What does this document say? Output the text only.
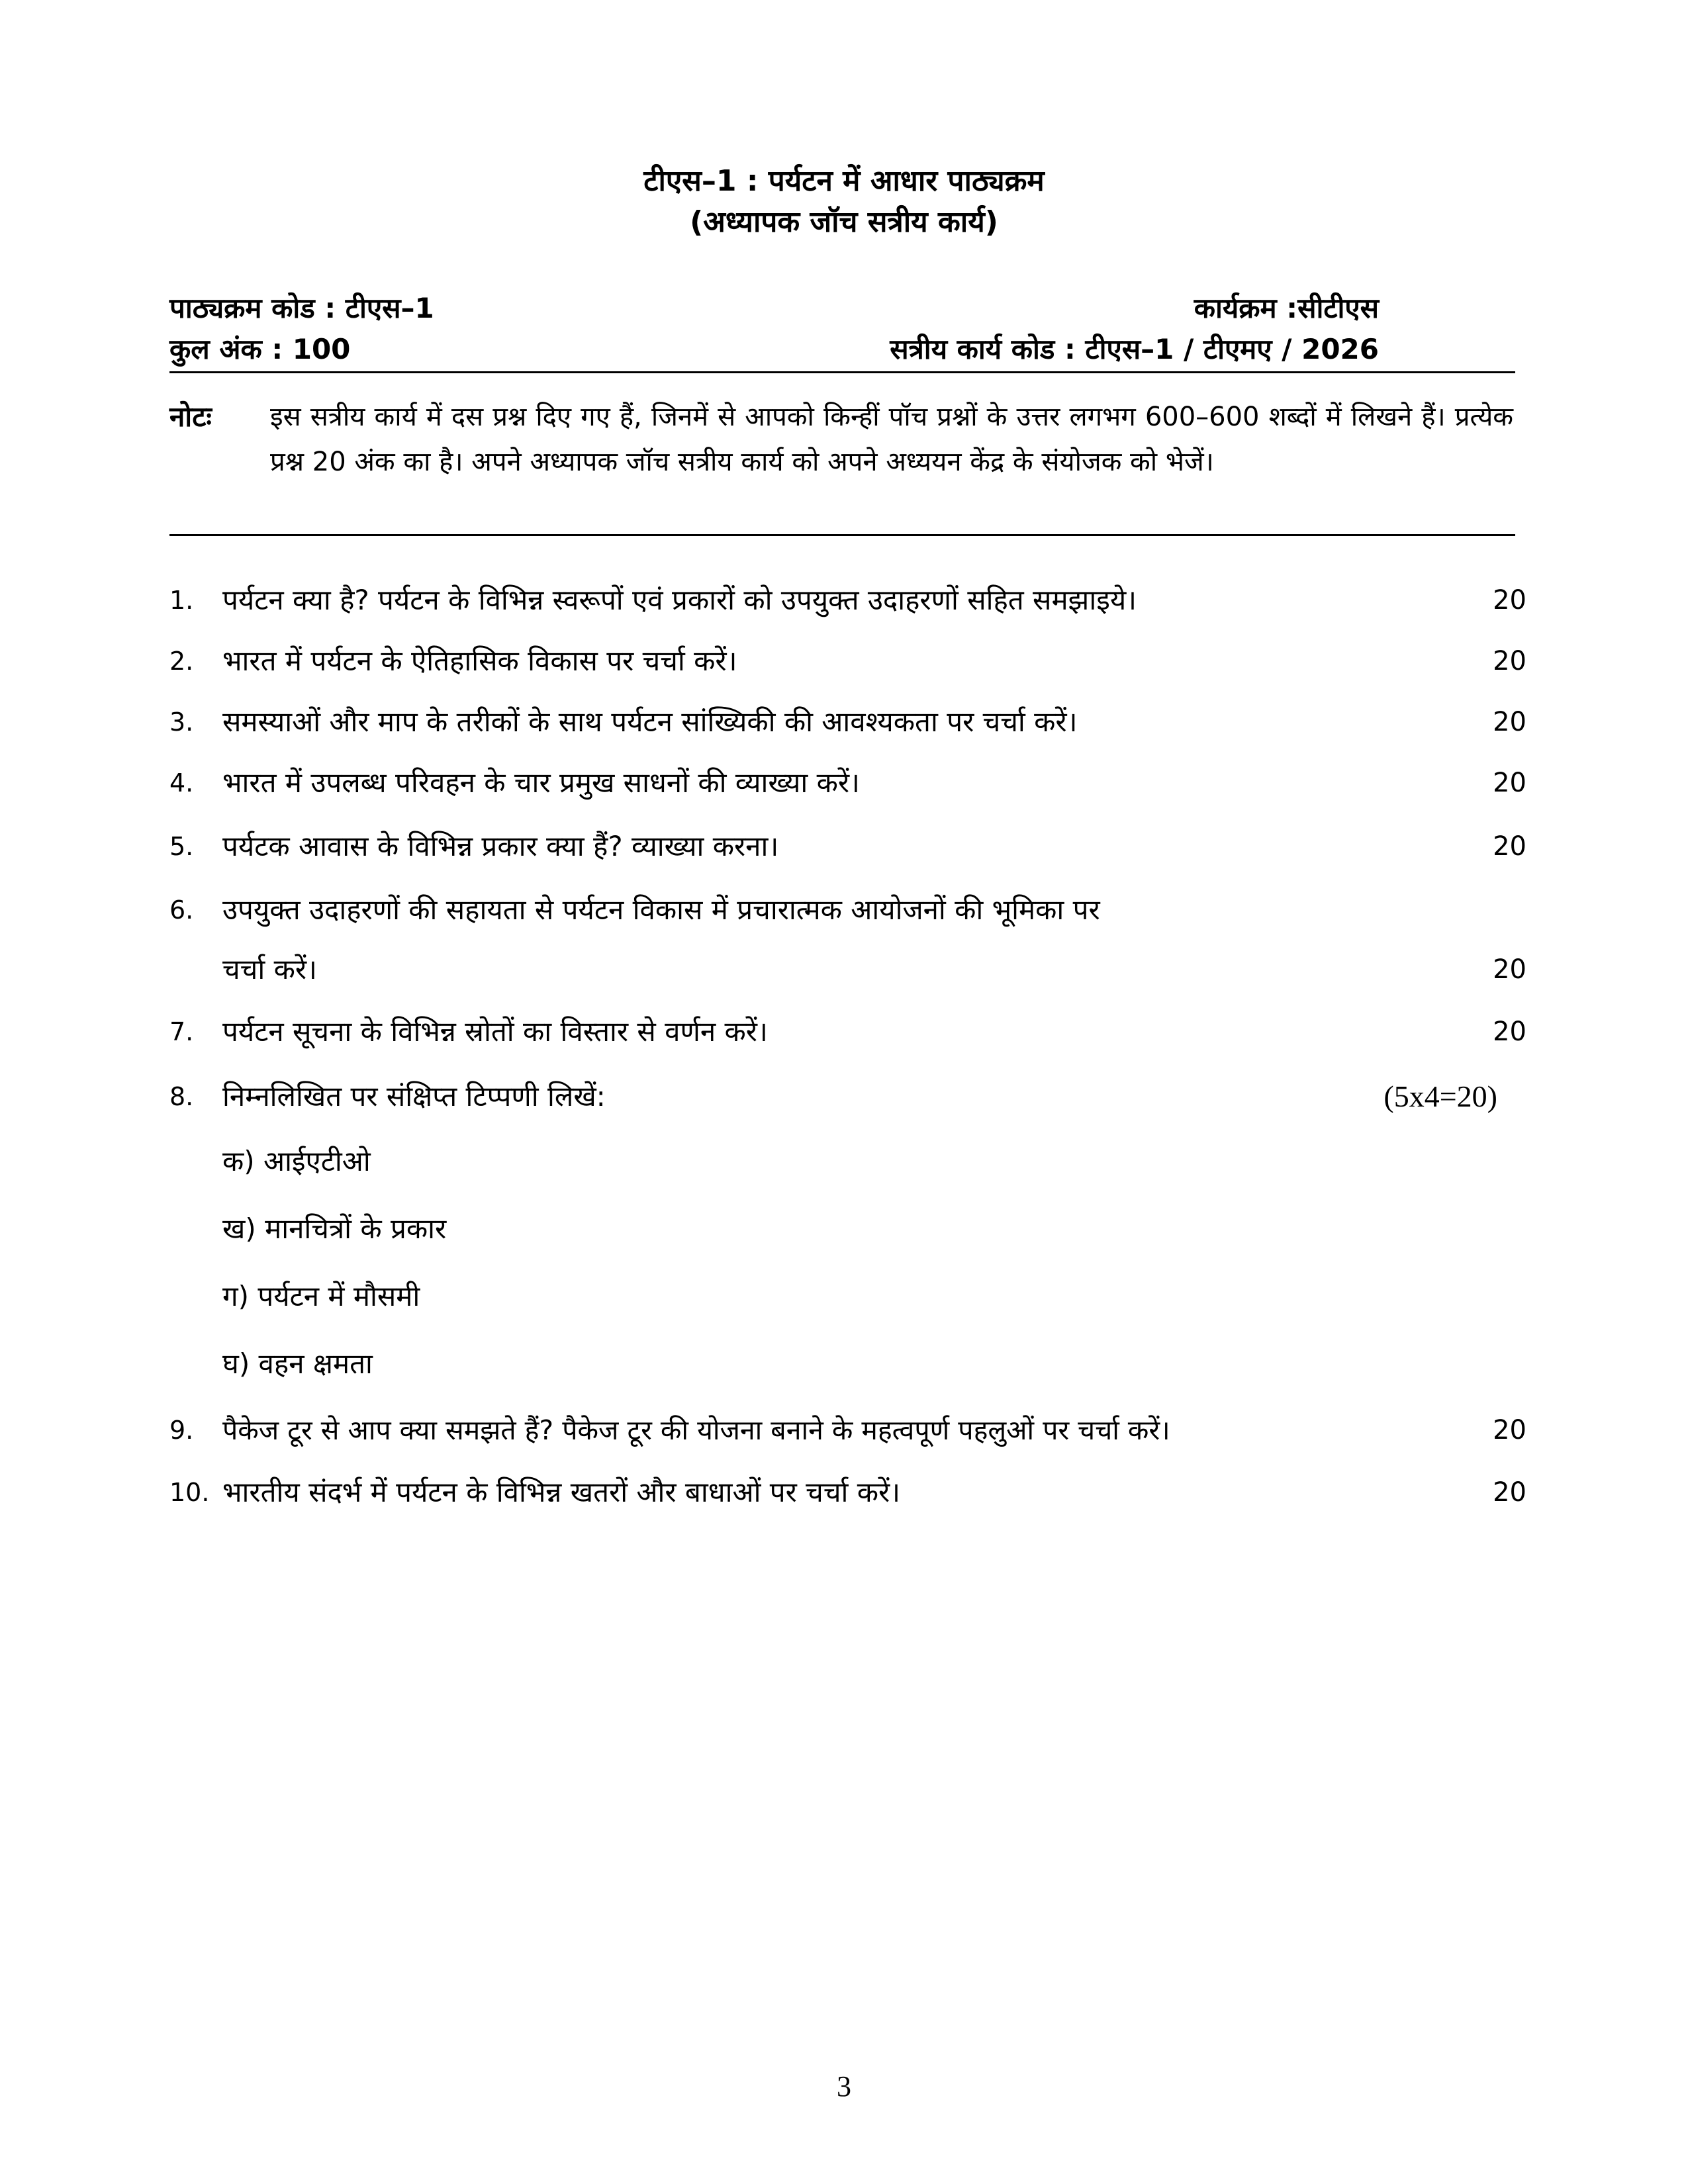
टीएस–1 : पर्यटन में आधार पाठ्यक्रम
(अध्यापक जॉच सत्रीय कार्य)
पाठ्यक्रम कोड : टीएस–1	कार्यक्रम :सीटीएस
कुल अंक : 100	सत्रीय कार्य कोड : टीएस–1 / टीएमए / 2026
नोटः इस सत्रीय कार्य में दस प्रश्न दिए गए हैं, जिनमें से आपको किन्हीं पॉच प्रश्नों के उत्तर लगभग 600–600 शब्दों में लिखने हैं। प्रत्येक प्रश्न 20 अंक का है। अपने अध्यापक जॉच सत्रीय कार्य को अपने अध्ययन केंद्र के संयोजक को भेजें।
1. पर्यटन क्या है? पर्यटन के विभिन्न स्वरूपों एवं प्रकारों को उपयुक्त उदाहरणों सहित समझाइये।	20
2. भारत में पर्यटन के ऐतिहासिक विकास पर चर्चा करें।	20
3. समस्याओं और माप के तरीकों के साथ पर्यटन सांख्यिकी की आवश्यकता पर चर्चा करें।	20
4. भारत में उपलब्ध परिवहन के चार प्रमुख साधनों की व्याख्या करें।	20
5. पर्यटक आवास के विभिन्न प्रकार क्या हैं? व्याख्या करना।	20
6. उपयुक्त उदाहरणों की सहायता से पर्यटन विकास में प्रचारात्मक आयोजनों की भूमिका पर
चर्चा करें।	20
7. पर्यटन सूचना के विभिन्न स्रोतों का विस्तार से वर्णन करें।	20
8. निम्नलिखित पर संक्षिप्त टिप्पणी लिखें:	(5x4=20)
क) आईएटीओ
ख) मानचित्रों के प्रकार
ग) पर्यटन में मौसमी
घ) वहन क्षमता
9. पैकेज टूर से आप क्या समझते हैं? पैकेज टूर की योजना बनाने के महत्वपूर्ण पहलुओं पर चर्चा करें।	20
10. भारतीय संदर्भ में पर्यटन के विभिन्न खतरों और बाधाओं पर चर्चा करें।	20
3
